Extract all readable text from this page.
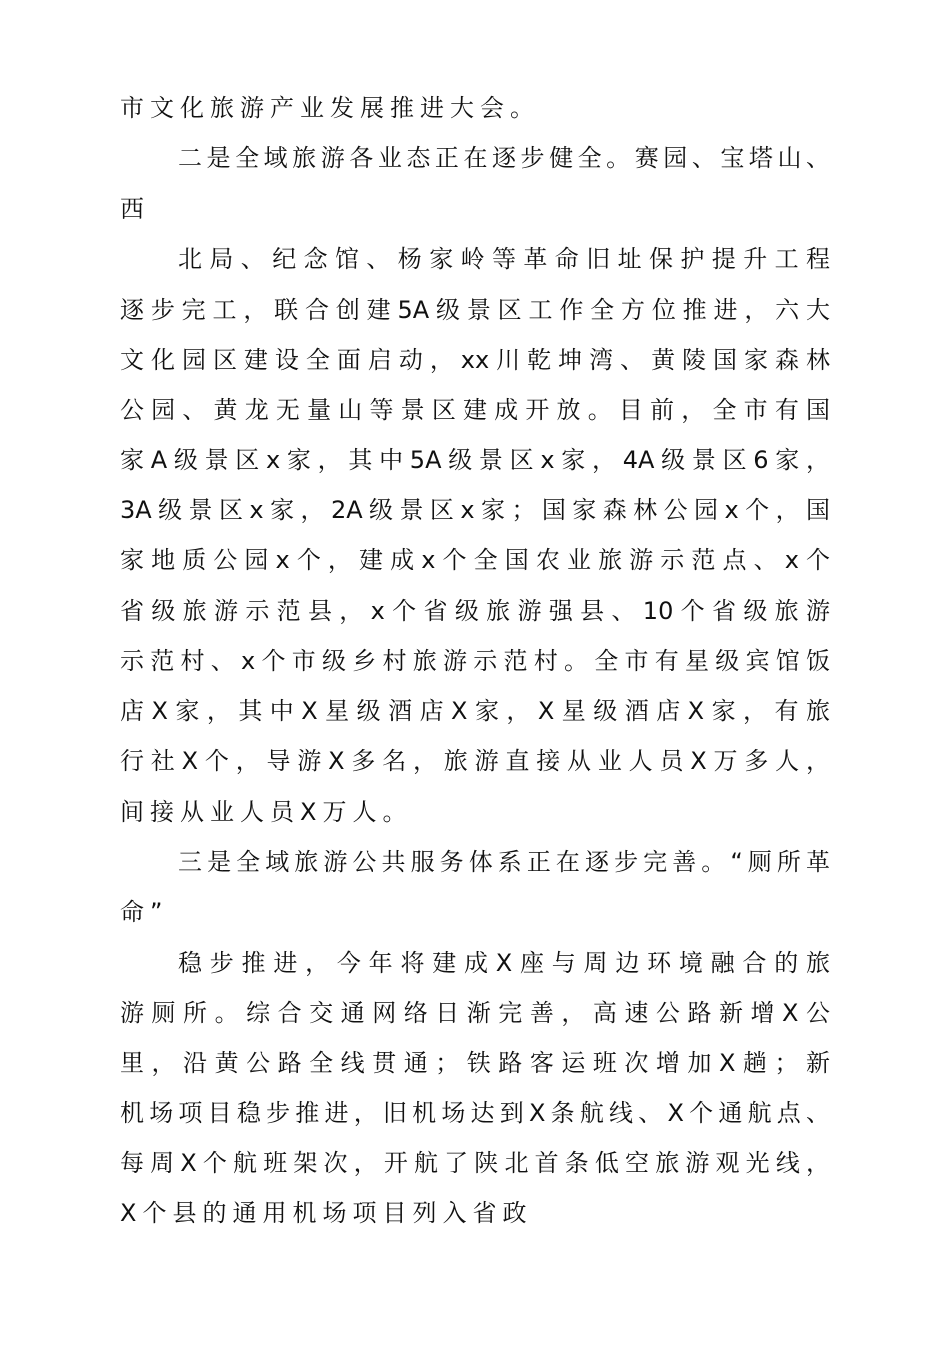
市文化旅游产业发展推进大会。
二是全域旅游各业态正在逐步健全。赛园、宝塔山、
西
北局、纪念馆、杨家岭等革命旧址保护提升工程
逐步完工，联合创建5A级景区工作全方位推进，六大
文化园区建设全面启动，xx川乾坤湾、黄陵国家森林
公园、黄龙无量山等景区建成开放。目前，全市有国
家A级景区x家，其中5A级景区x家，4A级景区6家，
3A级景区x家，2A级景区x家；国家森林公园x个，国
家地质公园x个，建成x个全国农业旅游示范点、x个
省级旅游示范县，x个省级旅游强县、10个省级旅游
示范村、x个市级乡村旅游示范村。全市有星级宾馆饭
店X家，其中X星级酒店X家，X星级酒店X家，有旅
行社X个，导游X多名，旅游直接从业人员X万多人，
间接从业人员X万人。
三是全域旅游公共服务体系正在逐步完善。“厕所革
命”
稳步推进，今年将建成X座与周边环境融合的旅
游厕所。综合交通网络日渐完善，高速公路新增X公
里，沿黄公路全线贯通；铁路客运班次增加X趟；新
机场项目稳步推进，旧机场达到X条航线、X个通航点、
每周X个航班架次，开航了陕北首条低空旅游观光线，
X个县的通用机场项目列入省政
